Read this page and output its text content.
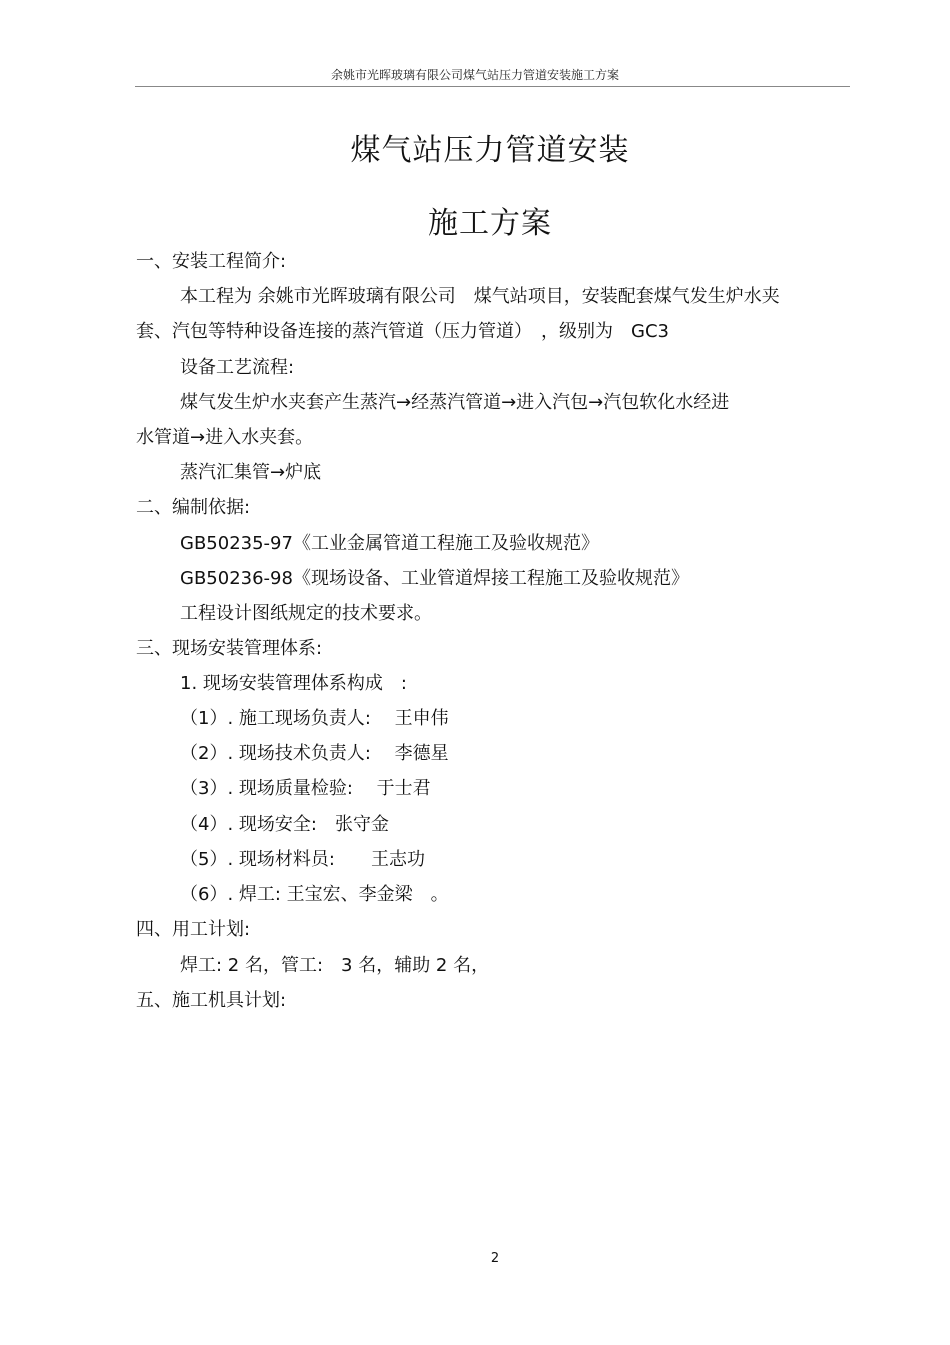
余姚市光晖玻璃有限公司煤气站压力管道安装施工方案
煤气站压力管道安装
施工方案
一、安装工程简介:
本工程为 余姚市光晖玻璃有限公司　煤气站项目，安装配套煤气发生炉水夹
套、汽包等特种设备连接的蒸汽管道（压力管道）　，级别为　GC3
设备工艺流程:
煤气发生炉水夹套产生蒸汽→经蒸汽管道→进入汽包→汽包软化水经进
水管道→进入水夹套。
蒸汽汇集管→炉底
二、编制依据:
GB50235-97《工业金属管道工程施工及验收规范》
GB50236-98《现场设备、工业管道焊接工程施工及验收规范》
工程设计图纸规定的技术要求。
三、现场安装管理体系:
1. 现场安装管理体系构成　:
（1）. 施工现场负责人:　 王申伟
（2）. 现场技术负责人:　 李德星
（3）. 现场质量检验:　 于士君
（4）. 现场安全:　张守金
（5）. 现场材料员:　　王志功
（6）. 焊工: 王宝宏、李金梁　。
四、用工计划:
焊工: 2 名，管工:　3 名，辅助 2 名，
五、施工机具计划:
2
